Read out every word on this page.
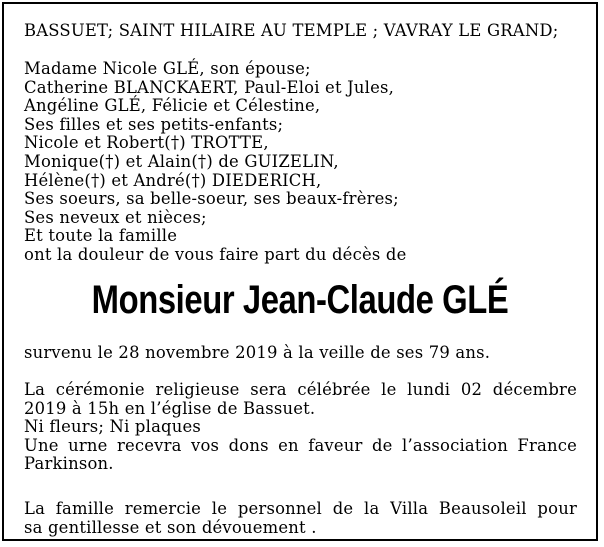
BASSUET; SAINT HILAIRE AU TEMPLE ; VAVRAY LE GRAND;
Madame Nicole GLÉ, son épouse;
Catherine BLANCKAERT, Paul-Eloi et Jules,
Angéline GLÉ, Félicie et Célestine,
Ses filles et ses petits-enfants;
Nicole et Robert(†) TROTTE,
Monique(†) et Alain(†) de GUIZELIN,
Hélène(†) et André(†) DIEDERICH,
Ses soeurs, sa belle-soeur, ses beaux-frères;
Ses neveux et nièces;
Et toute la famille
ont la douleur de vous faire part du décès de
Monsieur Jean-Claude GLÉ
survenu le 28 novembre 2019 à la veille de ses 79 ans.
La cérémonie religieuse sera célébrée le lundi 02 décembre
2019 à 15h en l’église de Bassuet.
Ni fleurs; Ni plaques
Une urne recevra vos dons en faveur de l’association France
Parkinson.
La famille remercie le personnel de la Villa Beausoleil pour
sa gentillesse et son dévouement .
